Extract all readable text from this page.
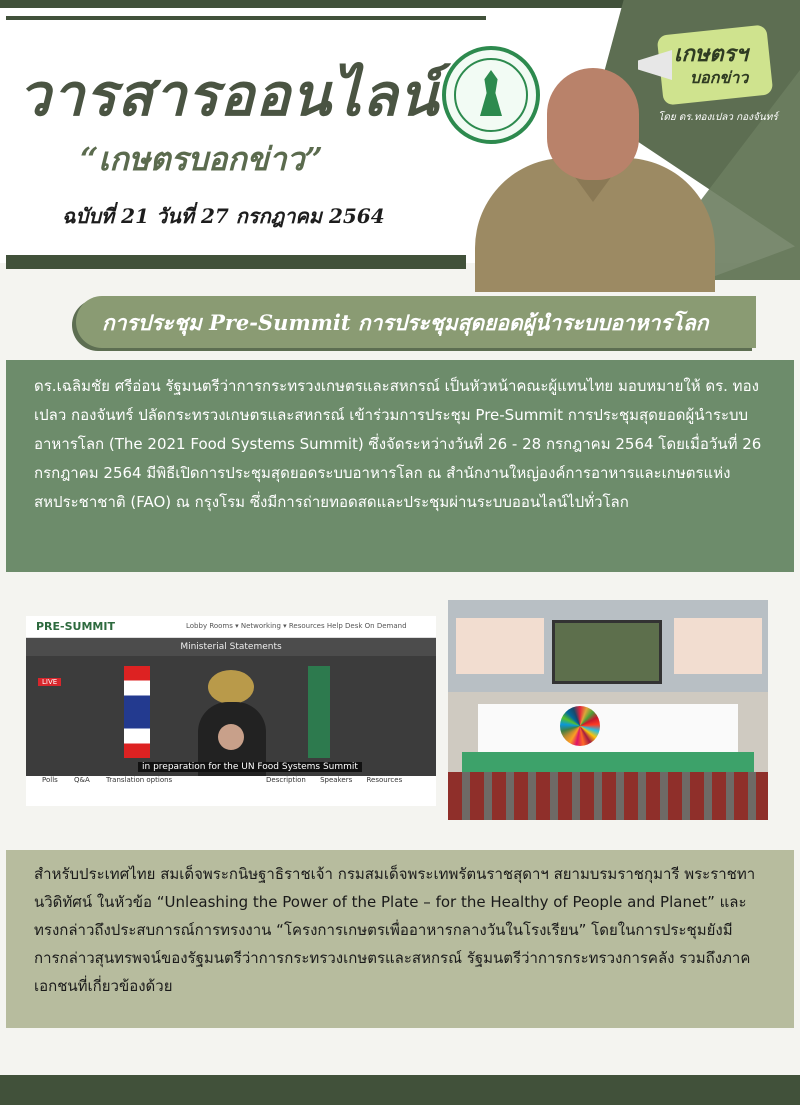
วารสารออนไลน์
“เกษตรบอกข่าว”
ฉบับที่ 21 วันที่ 27 กรกฎาคม 2564
เกษตรฯ
บอกข่าว
โดย ดร.ทองเปลว กองจันทร์
การประชุม Pre-Summit การประชุมสุดยอดผู้นำระบบอาหารโลก

ดร.เฉลิมชัย ศรีอ่อน รัฐมนตรีว่าการกระทรวงเกษตรและสหกรณ์ เป็นหัวหน้าคณะผู้แทนไทย มอบหมายให้ ดร. ทองเปลว กองจันทร์ ปลัดกระทรวงเกษตรและสหกรณ์ เข้าร่วมการประชุม Pre-Summit การประชุมสุดยอดผู้นำระบบอาหารโลก (The 2021 Food Systems Summit) ซึ่งจัดระหว่างวันที่ 26 - 28 กรกฎาคม 2564 โดยเมื่อวันที่ 26 กรกฎาคม 2564 มีพิธีเปิดการประชุมสุดยอดระบบอาหารโลก ณ สำนักงานใหญ่องค์การอาหารและเกษตรแห่งสหประชาชาติ (FAO) ณ กรุงโรม ซึ่งมีการถ่ายทอดสดและประชุมผ่านระบบออนไลน์ไปทั่วโลก

PRE-SUMMIT	Lobby Rooms ▾ Networking ▾ Resources Help Desk On Demand
Ministerial Statements
LIVE
in preparation for the UN Food Systems Summit
Polls Q&A Translation options	Description Speakers Resources

สำหรับประเทศไทย สมเด็จพระกนิษฐาธิราชเจ้า กรมสมเด็จพระเทพรัตนราชสุดาฯ สยามบรมราชกุมารี พระราชทานวิดิทัศน์ ในหัวข้อ “Unleashing the Power of the Plate – for the Healthy of People and Planet” และทรงกล่าวถึงประสบการณ์การทรงงาน “โครงการเกษตรเพื่ออาหารกลางวันในโรงเรียน” โดยในการประชุมยังมีการกล่าวสุนทรพจน์ของรัฐมนตรีว่าการกระทรวงเกษตรและสหกรณ์ รัฐมนตรีว่าการกระทรวงการคลัง รวมถึงภาคเอกชนที่เกี่ยวข้องด้วย
